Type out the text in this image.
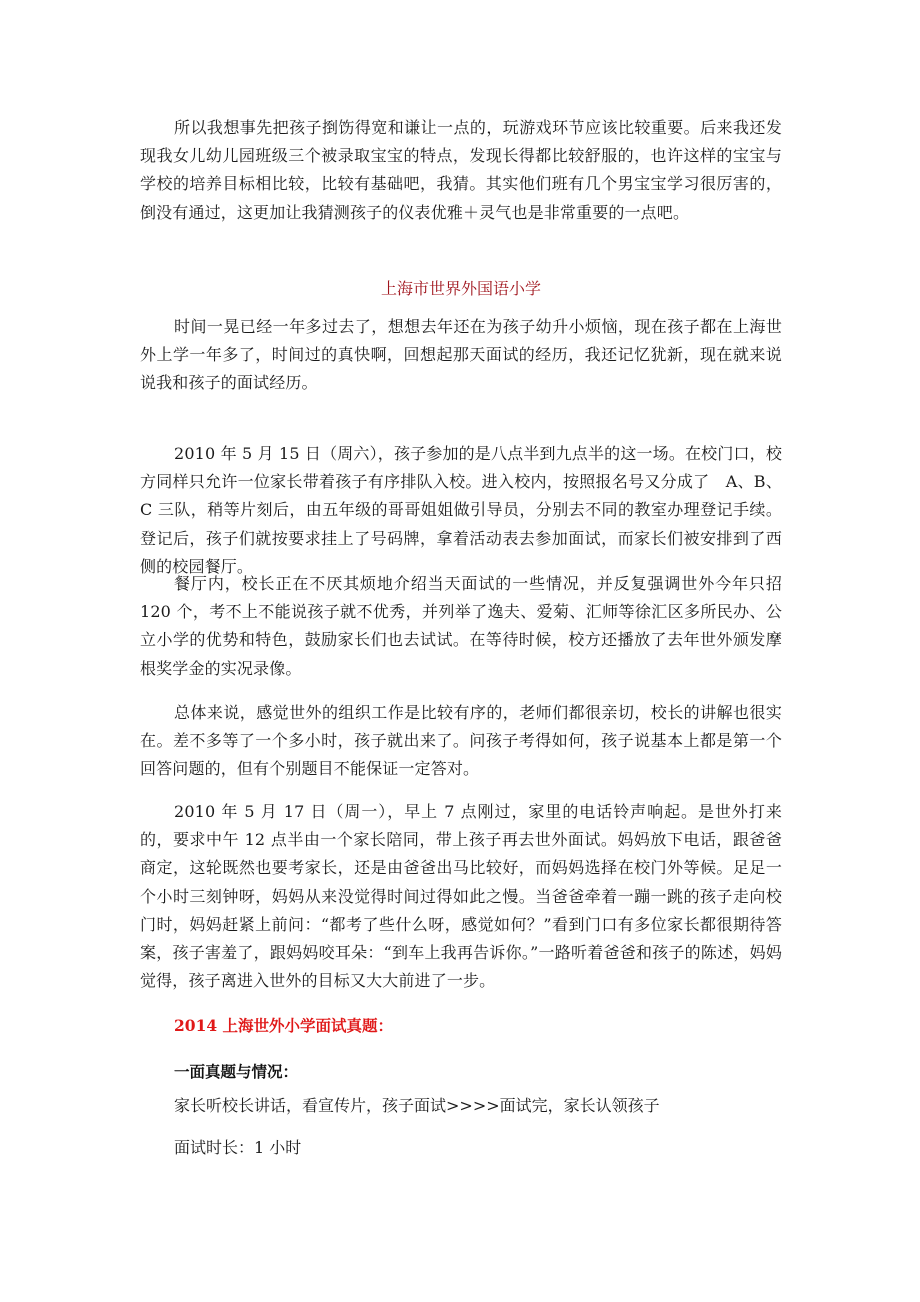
所以我想事先把孩子捯饬得宽和谦让一点的，玩游戏环节应该比较重要。后来我还发现我女儿幼儿园班级三个被录取宝宝的特点，发现长得都比较舒服的，也许这样的宝宝与学校的培养目标相比较，比较有基础吧，我猜。其实他们班有几个男宝宝学习很厉害的，倒没有通过，这更加让我猜测孩子的仪表优雅＋灵气也是非常重要的一点吧。

上海市世界外国语小学

时间一晃已经一年多过去了，想想去年还在为孩子幼升小烦恼，现在孩子都在上海世外上学一年多了，时间过的真快啊，回想起那天面试的经历，我还记忆犹新，现在就来说说我和孩子的面试经历。

2010 年 5 月 15 日（周六），孩子参加的是八点半到九点半的这一场。在校门口，校方同样只允许一位家长带着孩子有序排队入校。进入校内，按照报名号又分成了　A、B、C 三队，稍等片刻后，由五年级的哥哥姐姐做引导员，分别去不同的教室办理登记手续。登记后，孩子们就按要求挂上了号码牌，拿着活动表去参加面试，而家长们被安排到了西侧的校园餐厅。

餐厅内，校长正在不厌其烦地介绍当天面试的一些情况，并反复强调世外今年只招 120 个，考不上不能说孩子就不优秀，并列举了逸夫、爱菊、汇师等徐汇区多所民办、公立小学的优势和特色，鼓励家长们也去试试。在等待时候，校方还播放了去年世外颁发摩根奖学金的实况录像。

总体来说，感觉世外的组织工作是比较有序的，老师们都很亲切，校长的讲解也很实在。差不多等了一个多小时，孩子就出来了。问孩子考得如何，孩子说基本上都是第一个回答问题的，但有个别题目不能保证一定答对。

2010 年 5 月 17 日（周一），早上 7 点刚过，家里的电话铃声响起。是世外打来的，要求中午 12 点半由一个家长陪同，带上孩子再去世外面试。妈妈放下电话，跟爸爸商定，这轮既然也要考家长，还是由爸爸出马比较好，而妈妈选择在校门外等候。足足一个小时三刻钟呀，妈妈从来没觉得时间过得如此之慢。当爸爸牵着一蹦一跳的孩子走向校门时，妈妈赶紧上前问：“都考了些什么呀，感觉如何？”看到门口有多位家长都很期待答案，孩子害羞了，跟妈妈咬耳朵：“到车上我再告诉你。”一路听着爸爸和孩子的陈述，妈妈觉得，孩子离进入世外的目标又大大前进了一步。

2014 上海世外小学面试真题：
一面真题与情况：
家长听校长讲话，看宣传片，孩子面试>>>>面试完，家长认领孩子
面试时长：1 小时
